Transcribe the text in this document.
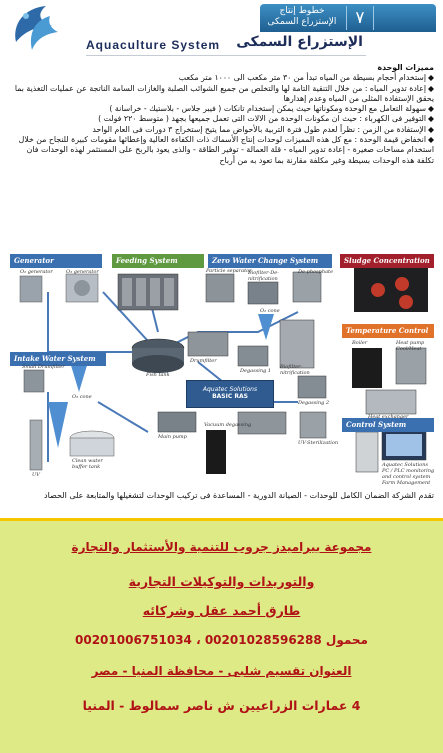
٧
خطوط إنتاج
الإستزراع السمكى
Aquaculture System الإستزراع السمكى
مميزات الوحدة

◆إستخدام أحجام بسيطة من المياه تبدأ من ٣٠ متر مكعب الى ١٠٠٠ متر مكعب

◆إعادة تدوير المياه : من خلال التنقية التامة لها والتخلص من جميع الشوائب الصلبة والغازات السامة الناتجة عن عمليات التغذية بما يحقق الإستفادة المثلى من المياه وعدم إهدارها

◆سهولة التعامل مع الوحدة ومكوناتها حيث يمكن إستخدام تانكات ( فيبر جلاس - بلاستيك - خراسانة )

◆التوفير فى الكهرباء : حيث ان مكونات الوحدة من الالات التى تعمل جميعها بجهد ( متوسط ٢٢٠ فولت )

◆الإستفادة من الزمن : نظراً لعدم طول فترة التربية بالأحواض مما يتيح إستخراج ٣ دورات فى العام الواحد

◆انخفاض قيمة الوحدة : مع كل هذه المميزات لوحدات إنتاج الأسماك ذات الكفاءة العالية وإعطائها مقومات كبيرة للنجاح من خلال استخدام مساحات صغيرة - إعادة تدوير المياه - قلة العمالة - توفير الطاقة - والذى يعود بالربح على المستثمر لهذه الوحدات فان تكلفة هذه الوحدات بسيطة وغير مكلفة مقارنة بما تعود به من أرباح

Generator	Feeding System	Zero Water Change System	Sludge Concentration
Temperature Control
Intake Water System
Control System
O₂ generator	O₃ generator	Particle separator
Biofilter-De-nitrification
De-phosphate
Small Drumfilter
O₃ cone
Fish tank
Drumfilter
Degassing 1
Biofilter-nitrification
O₂ cone
Degassing 2
Main pump
Vacuum degassing
UV-Sterilization
Clean water buffer tank
UV
Boiler	Heat pump Cool/Heat
Heat exchanger
Aquatec Solutions PC / PLC monitoring and control system Farm Management
Aquatec Solutions
BASIC RAS
تقدم الشركة الضمان الكامل للوحدات - الصيانة الدورية - المساعدة فى تركيب الوحدات لتشغيلها والمتابعة على الحصاد
مجموعة بيراميدز جروب للتنمية والأستثمار والتجارة
والتوريدات والتوكيلات التجارية
طارق أحمد عقل وشركائه
محمول 00201028596288 ، 00201006751034
العنوان تقسيم شلبى - محافظة المنيا - مصر
4 عمارات الزراعيين ش ناصر سمالوط - المنيا
